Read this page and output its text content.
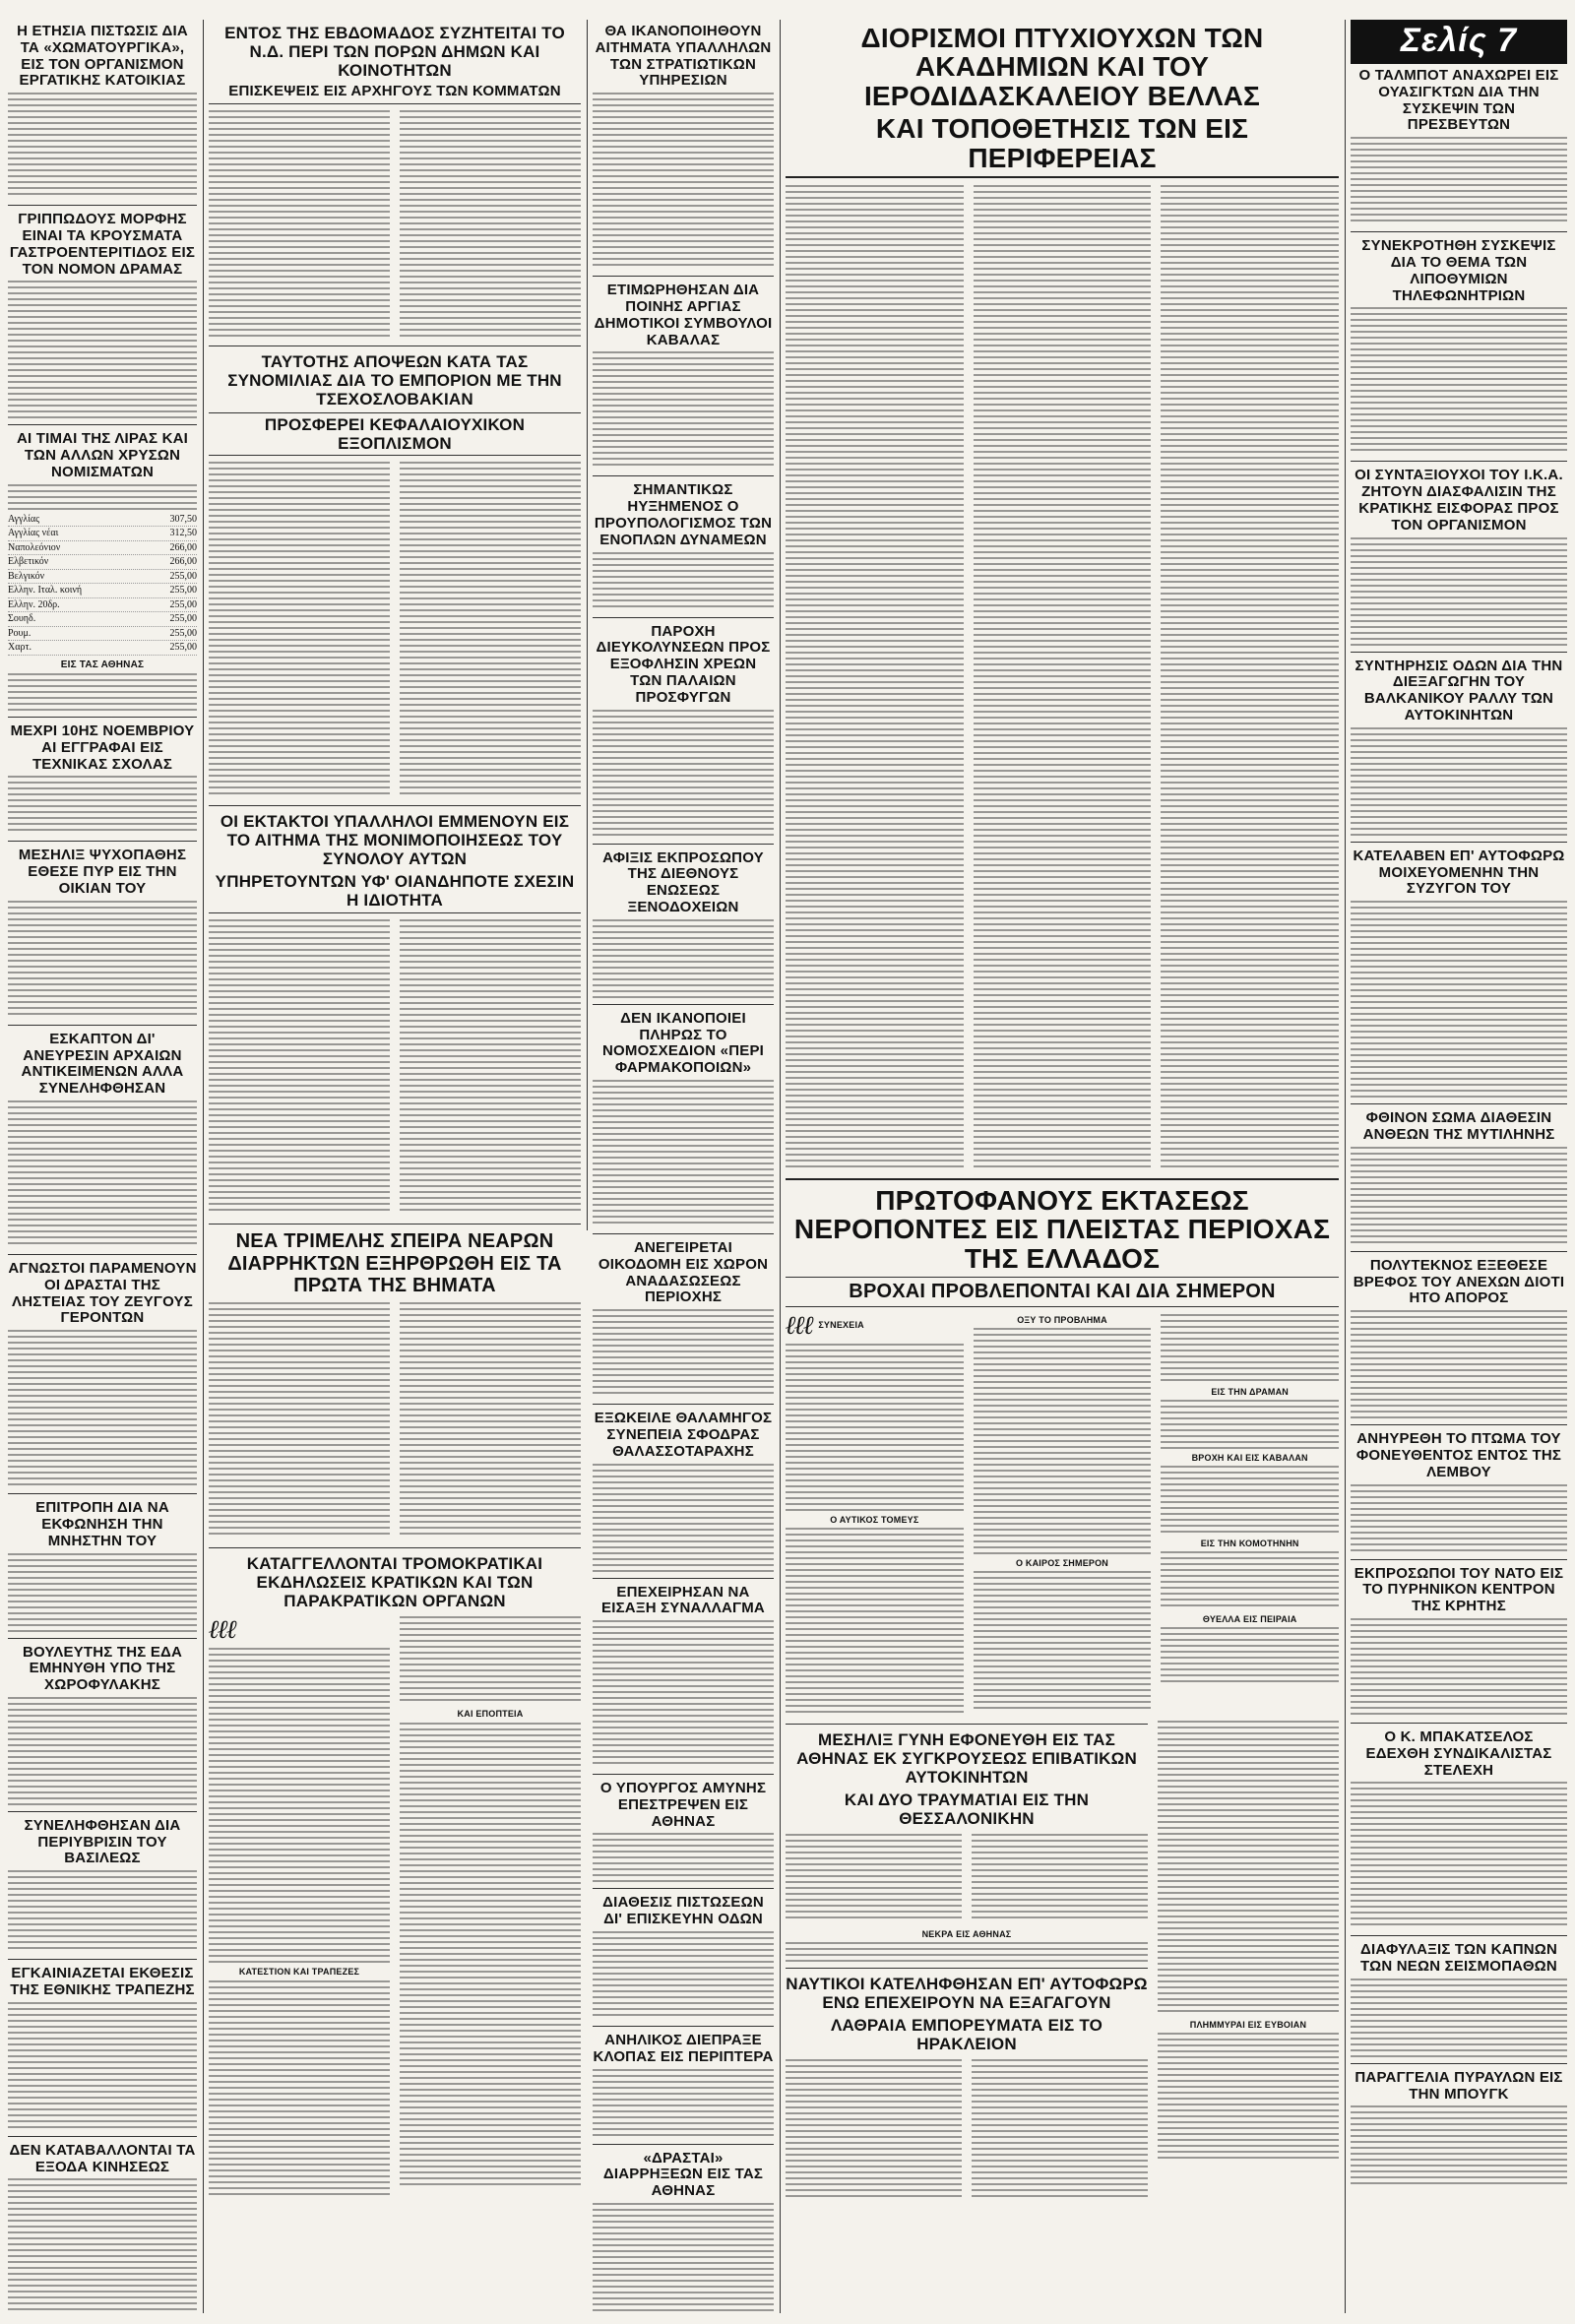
Η ΕΤΗΣΙΑ ΠΙΣΤΩΣΙΣ ΔΙΑ ΤΑ «ΧΩΜΑΤΟΥΡΓΙΚΑ», ΕΙΣ ΤΟΝ ΟΡΓΑΝΙΣΜΟΝ ΕΡΓΑΤΙΚΗΣ ΚΑΤΟΙΚΙΑΣ
ΓΡΙΠΠΩΔΟΥΣ ΜΟΡΦΗΣ ΕΙΝΑΙ ΤΑ ΚΡΟΥΣΜΑΤΑ ΓΑΣΤΡΟΕΝΤΕΡΙΤΙΔΟΣ ΕΙΣ ΤΟΝ ΝΟΜΟΝ ΔΡΑΜΑΣ
ΑΙ ΤΙΜΑΙ ΤΗΣ ΛΙΡΑΣ ΚΑΙ ΤΩΝ ΑΛΛΩΝ ΧΡΥΣΩΝ ΝΟΜΙΣΜΑΤΩΝ
Αγγλίας	307,50
Αγγλίας νέαι	312,50
Ναπολεόνιον	266,00
Ελβετικόν	266,00
Βελγικόν	255,00
Ελλην. Ιταλ. κοινή	255,00
Ελλην. 20δρ.	255,00
Σουηδ.	255,00
Ρουμ.	255,00
Χαρτ.	255,00
ΕΙΣ ΤΑΣ ΑΘΗΝΑΣ
ΜΕΧΡΙ 10ΗΣ ΝΟΕΜΒΡΙΟΥ ΑΙ ΕΓΓΡΑΦΑΙ ΕΙΣ ΤΕΧΝΙΚΑΣ ΣΧΟΛΑΣ
ΜΕΣΗΛΙΞ ΨΥΧΟΠΑΘΗΣ ΕΘΕΣΕ ΠΥΡ ΕΙΣ ΤΗΝ ΟΙΚΙΑΝ ΤΟΥ
ΕΣΚΑΠΤΟΝ ΔΙ' ΑΝΕΥΡΕΣΙΝ ΑΡΧΑΙΩΝ ΑΝΤΙΚΕΙΜΕΝΩΝ ΑΛΛΑ ΣΥΝΕΛΗΦΘΗΣΑΝ
ΑΓΝΩΣΤΟΙ ΠΑΡΑΜΕΝΟΥΝ ΟΙ ΔΡΑΣΤΑΙ ΤΗΣ ΛΗΣΤΕΙΑΣ ΤΟΥ ΖΕΥΓΟΥΣ ΓΕΡΟΝΤΩΝ
ΕΠΙΤΡΟΠΗ ΔΙΑ ΝΑ ΕΚΦΩΝΗΣΗ ΤΗΝ ΜΝΗΣΤΗΝ ΤΟΥ
ΒΟΥΛΕΥΤΗΣ ΤΗΣ ΕΔΑ ΕΜΗΝΥΘΗ ΥΠΟ ΤΗΣ ΧΩΡΟΦΥΛΑΚΗΣ
ΣΥΝΕΛΗΦΘΗΣΑΝ ΔΙΑ ΠΕΡΙΥΒΡΙΣΙΝ ΤΟΥ ΒΑΣΙΛΕΩΣ
ΕΓΚΑΙΝΙΑΖΕΤΑΙ ΕΚΘΕΣΙΣ ΤΗΣ ΕΘΝΙΚΗΣ ΤΡΑΠΕΖΗΣ
ΔΕΝ ΚΑΤΑΒΑΛΛΟΝΤΑΙ ΤΑ ΕΞΟΔΑ ΚΙΝΗΣΕΩΣ
ΕΝΤΟΣ ΤΗΣ ΕΒΔΟΜΑΔΟΣ ΣΥΖΗΤΕΙΤΑΙ ΤΟ Ν.Δ. ΠΕΡΙ ΤΩΝ ΠΟΡΩΝ ΔΗΜΩΝ ΚΑΙ ΚΟΙΝΟΤΗΤΩΝ
ΕΠΙΣΚΕΨΕΙΣ ΕΙΣ ΑΡΧΗΓΟΥΣ ΤΩΝ ΚΟΜΜΑΤΩΝ
ΤΑΥΤΟΤΗΣ ΑΠΟΨΕΩΝ ΚΑΤΑ ΤΑΣ ΣΥΝΟΜΙΛΙΑΣ ΔΙΑ ΤΟ ΕΜΠΟΡΙΟΝ ΜΕ ΤΗΝ ΤΣΕΧΟΣΛΟΒΑΚΙΑΝ
ΠΡΟΣΦΕΡΕΙ ΚΕΦΑΛΑΙΟΥΧΙΚΟΝ ΕΞΟΠΛΙΣΜΟΝ
ΟΙ ΕΚΤΑΚΤΟΙ ΥΠΑΛΛΗΛΟΙ ΕΜΜΕΝΟΥΝ ΕΙΣ ΤΟ ΑΙΤΗΜΑ ΤΗΣ ΜΟΝΙΜΟΠΟΙΗΣΕΩΣ ΤΟΥ ΣΥΝΟΛΟΥ ΑΥΤΩΝ
ΥΠΗΡΕΤΟΥΝΤΩΝ ΥΦ' ΟΙΑΝΔΗΠΟΤΕ ΣΧΕΣΙΝ Η ΙΔΙΟΤΗΤΑ
ΝΕΑ ΤΡΙΜΕΛΗΣ ΣΠΕΙΡΑ ΝΕΑΡΩΝ ΔΙΑΡΡΗΚΤΩΝ ΕΞΗΡΘΡΩΘΗ ΕΙΣ ΤΑ ΠΡΩΤΑ ΤΗΣ ΒΗΜΑΤΑ
ΚΑΤΑΓΓΕΛΛΟΝΤΑΙ ΤΡΟΜΟΚΡΑΤΙΚΑΙ ΕΚΔΗΛΩΣΕΙΣ ΚΡΑΤΙΚΩΝ ΚΑΙ ΤΩΝ ΠΑΡΑΚΡΑΤΙΚΩΝ ΟΡΓΑΝΩΝ
ℓℓℓ
ΚΑΤΕΣΤΙΟΝ ΚΑΙ ΤΡΑΠΕΖΕΣ
ΚΑΙ ΕΠΟΠΤΕΙΑ
ΘΑ ΙΚΑΝΟΠΟΙΗΘΟΥΝ ΑΙΤΗΜΑΤΑ ΥΠΑΛΛΗΛΩΝ ΤΩΝ ΣΤΡΑΤΙΩΤΙΚΩΝ ΥΠΗΡΕΣΙΩΝ
ΕΤΙΜΩΡΗΘΗΣΑΝ ΔΙΑ ΠΟΙΝΗΣ ΑΡΓΙΑΣ ΔΗΜΟΤΙΚΟΙ ΣΥΜΒΟΥΛΟΙ ΚΑΒΑΛΑΣ
ΣΗΜΑΝΤΙΚΩΣ ΗΥΞΗΜΕΝΟΣ Ο ΠΡΟΥΠΟΛΟΓΙΣΜΟΣ ΤΩΝ ΕΝΟΠΛΩΝ ΔΥΝΑΜΕΩΝ
ΠΑΡΟΧΗ ΔΙΕΥΚΟΛΥΝΣΕΩΝ ΠΡΟΣ ΕΞΟΦΛΗΣΙΝ ΧΡΕΩΝ ΤΩΝ ΠΑΛΑΙΩΝ ΠΡΟΣΦΥΓΩΝ
ΑΦΙΞΙΣ ΕΚΠΡΟΣΩΠΟΥ ΤΗΣ ΔΙΕΘΝΟΥΣ ΕΝΩΣΕΩΣ ΞΕΝΟΔΟΧΕΙΩΝ
ΔΕΝ ΙΚΑΝΟΠΟΙΕΙ ΠΛΗΡΩΣ ΤΟ ΝΟΜΟΣΧΕΔΙΟΝ «ΠΕΡΙ ΦΑΡΜΑΚΟΠΟΙΩΝ»
ΑΝΕΓΕΙΡΕΤΑΙ ΟΙΚΟΔΟΜΗ ΕΙΣ ΧΩΡΟΝ ΑΝΑΔΑΣΩΣΕΩΣ ΠΕΡΙΟΧΗΣ
ΕΞΩΚΕΙΛΕ ΘΑΛΑΜΗΓΟΣ ΣΥΝΕΠΕΙΑ ΣΦΟΔΡΑΣ ΘΑΛΑΣΣΟΤΑΡΑΧΗΣ
ΕΠΕΧΕΙΡΗΣΑΝ ΝΑ ΕΙΣΑΞΗ ΣΥΝΑΛΛΑΓΜΑ
Ο ΥΠΟΥΡΓΟΣ ΑΜΥΝΗΣ ΕΠΕΣΤΡΕΨΕΝ ΕΙΣ ΑΘΗΝΑΣ
ΔΙΑΘΕΣΙΣ ΠΙΣΤΩΣΕΩΝ ΔΙ' ΕΠΙΣΚΕΥΗΝ ΟΔΩΝ
ΑΝΗΛΙΚΟΣ ΔΙΕΠΡΑΞΕ ΚΛΟΠΑΣ ΕΙΣ ΠΕΡΙΠΤΕΡΑ
«ΔΡΑΣΤΑΙ» ΔΙΑΡΡΗΞΕΩΝ ΕΙΣ ΤΑΣ ΑΘΗΝΑΣ
ΔΙΟΡΙΣΜΟΙ ΠΤΥΧΙΟΥΧΩΝ ΤΩΝ ΑΚΑΔΗΜΙΩΝ ΚΑΙ ΤΟΥ ΙΕΡΟΔΙΔΑΣΚΑΛΕΙΟΥ ΒΕΛΛΑΣ
ΚΑΙ ΤΟΠΟΘΕΤΗΣΙΣ ΤΩΝ ΕΙΣ ΠΕΡΙΦΕΡΕΙΑΣ
ΠΡΩΤΟΦΑΝΟΥΣ ΕΚΤΑΣΕΩΣ ΝΕΡΟΠΟΝΤΕΣ ΕΙΣ ΠΛΕΙΣΤΑΣ ΠΕΡΙΟΧΑΣ ΤΗΣ ΕΛΛΑΔΟΣ
ΒΡΟΧΑΙ ΠΡΟΒΛΕΠΟΝΤΑΙ ΚΑΙ ΔΙΑ ΣΗΜΕΡΟΝ
ℓℓℓ ΣΥΝΕΧΕΙΑ
Ο ΑΥΤΙΚΟΣ ΤΟΜΕΥΣ
ΟΞΥ ΤΟ ΠΡΟΒΛΗΜΑ
Ο ΚΑΙΡΟΣ ΣΗΜΕΡΟΝ
ΕΙΣ ΤΗΝ ΔΡΑΜΑΝ
ΒΡΟΧΗ ΚΑΙ ΕΙΣ ΚΑΒΑΛΑΝ
ΕΙΣ ΤΗΝ ΚΟΜΟΤΗΝΗΝ
ΘΥΕΛΛΑ ΕΙΣ ΠΕΙΡΑΙΑ
ΜΕΣΗΛΙΞ ΓΥΝΗ ΕΦΟΝΕΥΘΗ ΕΙΣ ΤΑΣ ΑΘΗΝΑΣ ΕΚ ΣΥΓΚΡΟΥΣΕΩΣ ΕΠΙΒΑΤΙΚΩΝ ΑΥΤΟΚΙΝΗΤΩΝ
ΚΑΙ ΔΥΟ ΤΡΑΥΜΑΤΙΑΙ ΕΙΣ ΤΗΝ ΘΕΣΣΑΛΟΝΙΚΗΝ
ΝΕΚΡΑ ΕΙΣ ΑΘΗΝΑΣ
ΝΑΥΤΙΚΟΙ ΚΑΤΕΛΗΦΘΗΣΑΝ ΕΠ' ΑΥΤΟΦΩΡΩ ΕΝΩ ΕΠΕΧΕΙΡΟΥΝ ΝΑ ΕΞΑΓΑΓΟΥΝ
ΛΑΘΡΑΙΑ ΕΜΠΟΡΕΥΜΑΤΑ ΕΙΣ ΤΟ ΗΡΑΚΛΕΙΟΝ
ΠΛΗΜΜΥΡΑΙ ΕΙΣ ΕΥΒΟΙΑΝ
Σελίς 7
Ο ΤΑΛΜΠΟΤ ΑΝΑΧΩΡΕΙ ΕΙΣ ΟΥΑΣΙΓΚΤΩΝ ΔΙΑ ΤΗΝ ΣΥΣΚΕΨΙΝ ΤΩΝ ΠΡΕΣΒΕΥΤΩΝ
ΣΥΝΕΚΡΟΤΗΘΗ ΣΥΣΚΕΨΙΣ ΔΙΑ ΤΟ ΘΕΜΑ ΤΩΝ ΛΙΠΟΘΥΜΙΩΝ ΤΗΛΕΦΩΝΗΤΡΙΩΝ
ΟΙ ΣΥΝΤΑΞΙΟΥΧΟΙ ΤΟΥ Ι.Κ.Α. ΖΗΤΟΥΝ ΔΙΑΣΦΑΛΙΣΙΝ ΤΗΣ ΚΡΑΤΙΚΗΣ ΕΙΣΦΟΡΑΣ ΠΡΟΣ ΤΟΝ ΟΡΓΑΝΙΣΜΟΝ
ΣΥΝΤΗΡΗΣΙΣ ΟΔΩΝ ΔΙΑ ΤΗΝ ΔΙΕΞΑΓΩΓΗΝ ΤΟΥ ΒΑΛΚΑΝΙΚΟΥ ΡΑΛΛΥ ΤΩΝ ΑΥΤΟΚΙΝΗΤΩΝ
ΚΑΤΕΛΑΒΕΝ ΕΠ' ΑΥΤΟΦΩΡΩ ΜΟΙΧΕΥΟΜΕΝΗΝ ΤΗΝ ΣΥΖΥΓΟΝ ΤΟΥ
ΦΘΙΝΟΝ ΣΩΜΑ ΔΙΑΘΕΣΙΝ ΑΝΘΕΩΝ ΤΗΣ ΜΥΤΙΛΗΝΗΣ
ΠΟΛΥΤΕΚΝΟΣ ΕΞΕΘΕΣΕ ΒΡΕΦΟΣ ΤΟΥ ΑΝΕΧΩΝ ΔΙΟΤΙ ΗΤΟ ΑΠΟΡΟΣ
ΑΝΗΥΡΕΘΗ ΤΟ ΠΤΩΜΑ ΤΟΥ ΦΟΝΕΥΘΕΝΤΟΣ ΕΝΤΟΣ ΤΗΣ ΛΕΜΒΟΥ
ΕΚΠΡΟΣΩΠΟΙ ΤΟΥ ΝΑΤΟ ΕΙΣ ΤΟ ΠΥΡΗΝΙΚΟΝ ΚΕΝΤΡΟΝ ΤΗΣ ΚΡΗΤΗΣ
Ο Κ. ΜΠΑΚΑΤΣΕΛΟΣ ΕΔΕΧΘΗ ΣΥΝΔΙΚΑΛΙΣΤΑΣ ΣΤΕΛΕΧΗ
ΔΙΑΦΥΛΑΞΙΣ ΤΩΝ ΚΑΠΝΩΝ ΤΩΝ ΝΕΩΝ ΣΕΙΣΜΟΠΑΘΩΝ
ΠΑΡΑΓΓΕΛΙΑ ΠΥΡΑΥΛΩΝ ΕΙΣ ΤΗΝ ΜΠΟΥΓΚ
